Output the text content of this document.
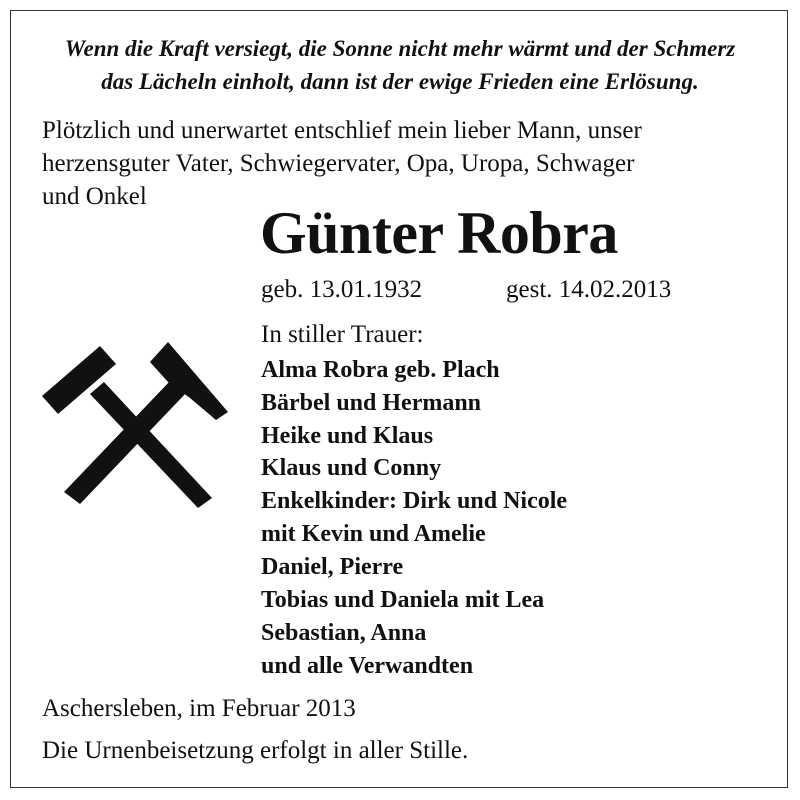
Wenn die Kraft versiegt, die Sonne nicht mehr wärmt und der Schmerz
das Lächeln einholt, dann ist der ewige Frieden eine Erlösung.
Plötzlich und unerwartet entschlief mein lieber Mann, unser
herzensguter Vater, Schwiegervater, Opa, Uropa, Schwager
und Onkel
Günter Robra
geb. 13.01.1932	gest. 14.02.2013
In stiller Trauer:
Alma Robra geb. Plach
Bärbel und Hermann
Heike und Klaus
Klaus und Conny
Enkelkinder: Dirk und Nicole
mit Kevin und Amelie
Daniel, Pierre
Tobias und Daniela mit Lea
Sebastian, Anna
und alle Verwandten
Aschersleben, im Februar 2013
Die Urnenbeisetzung erfolgt in aller Stille.
